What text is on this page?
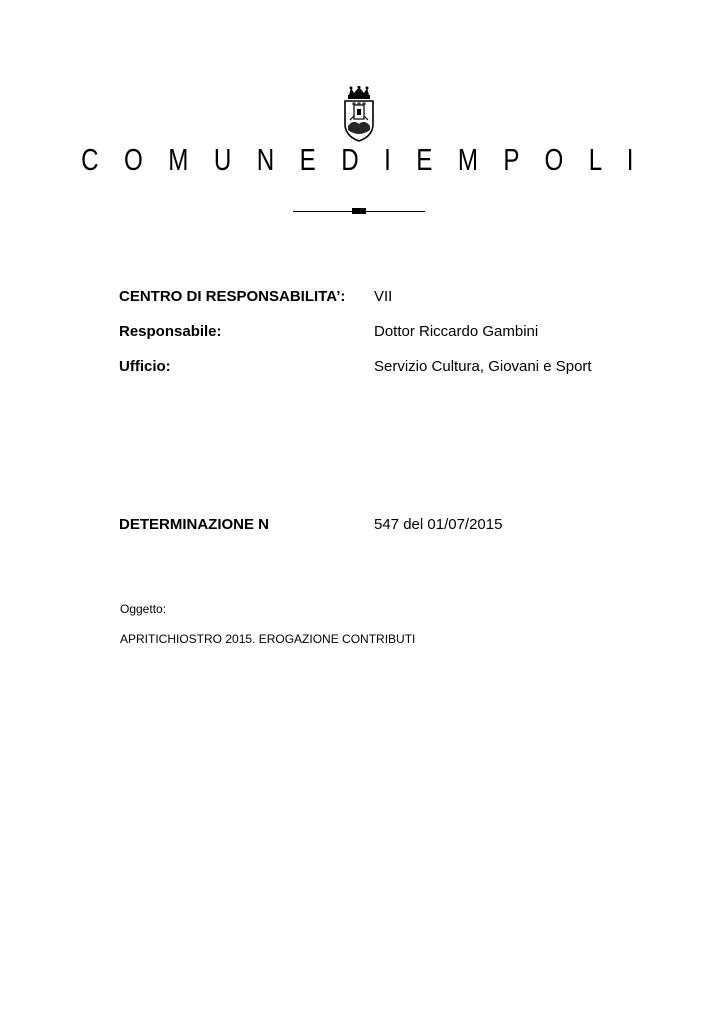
C O M U N E D I E M P O L I
CENTRO DI RESPONSABILITA’: VII
Responsabile:	Dottor Riccardo Gambini
Ufficio:	Servizio Cultura, Giovani e Sport
DETERMINAZIONE N	547 del 01/07/2015
Oggetto:
APRITICHIOSTRO 2015. EROGAZIONE CONTRIBUTI
